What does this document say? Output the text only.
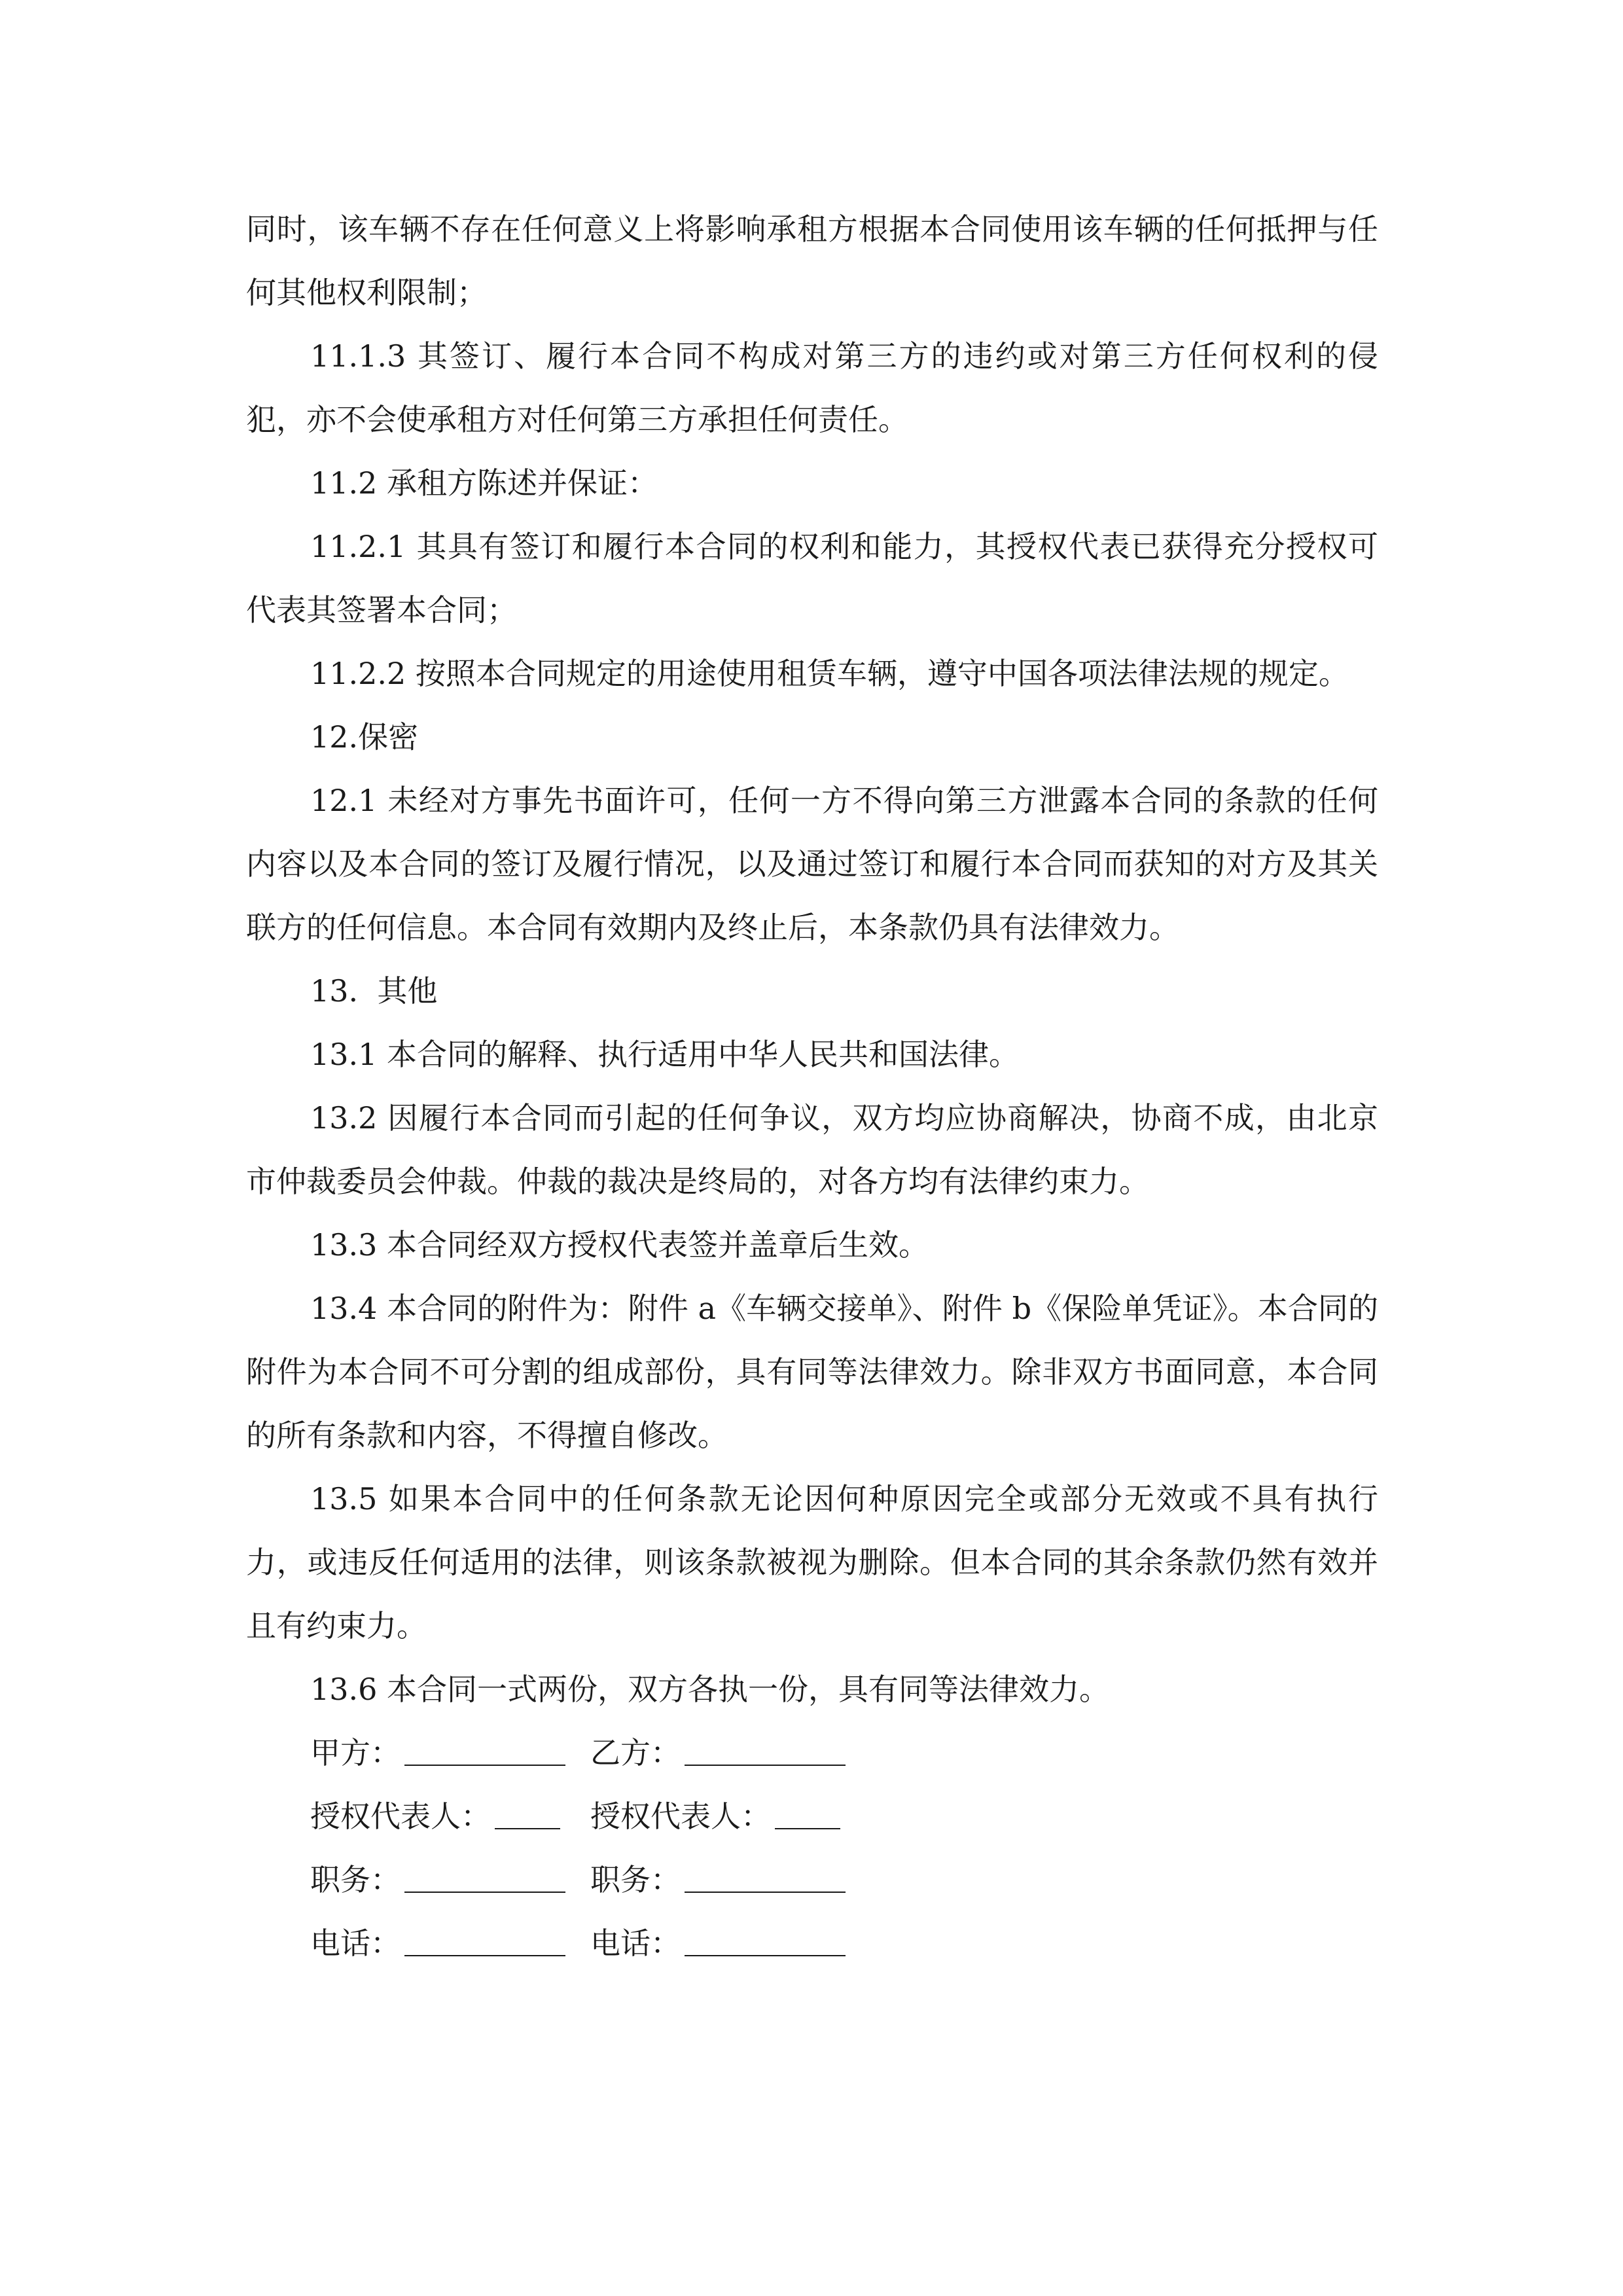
同时，该车辆不存在任何意义上将影响承租方根据本合同使用该车辆的任何抵押与任何其他权利限制；

11.1.3 其签订、履行本合同不构成对第三方的违约或对第三方任何权利的侵犯，亦不会使承租方对任何第三方承担任何责任。

11.2 承租方陈述并保证：

11.2.1 其具有签订和履行本合同的权利和能力，其授权代表已获得充分授权可代表其签署本合同；

11.2.2 按照本合同规定的用途使用租赁车辆，遵守中国各项法律法规的规定。

12.保密

12.1 未经对方事先书面许可，任何一方不得向第三方泄露本合同的条款的任何内容以及本合同的签订及履行情况，以及通过签订和履行本合同而获知的对方及其关联方的任何信息。本合同有效期内及终止后，本条款仍具有法律效力。

13.  其他

13.1 本合同的解释、执行适用中华人民共和国法律。

13.2 因履行本合同而引起的任何争议，双方均应协商解决，协商不成，由北京市仲裁委员会仲裁。仲裁的裁决是终局的，对各方均有法律约束力。

13.3 本合同经双方授权代表签并盖章后生效。

13.4 本合同的附件为：附件 a《车辆交接单》、附件 b《保险单凭证》。本合同的附件为本合同不可分割的组成部份，具有同等法律效力。除非双方书面同意，本合同的所有条款和内容，不得擅自修改。

13.5 如果本合同中的任何条款无论因何种原因完全或部分无效或不具有执行力，或违反任何适用的法律，则该条款被视为删除。但本合同的其余条款仍然有效并且有约束力。

13.6 本合同一式两份，双方各执一份，具有同等法律效力。

甲方：	乙方：
授权代表人：	授权代表人：
职务：	职务：
电话：	电话：
